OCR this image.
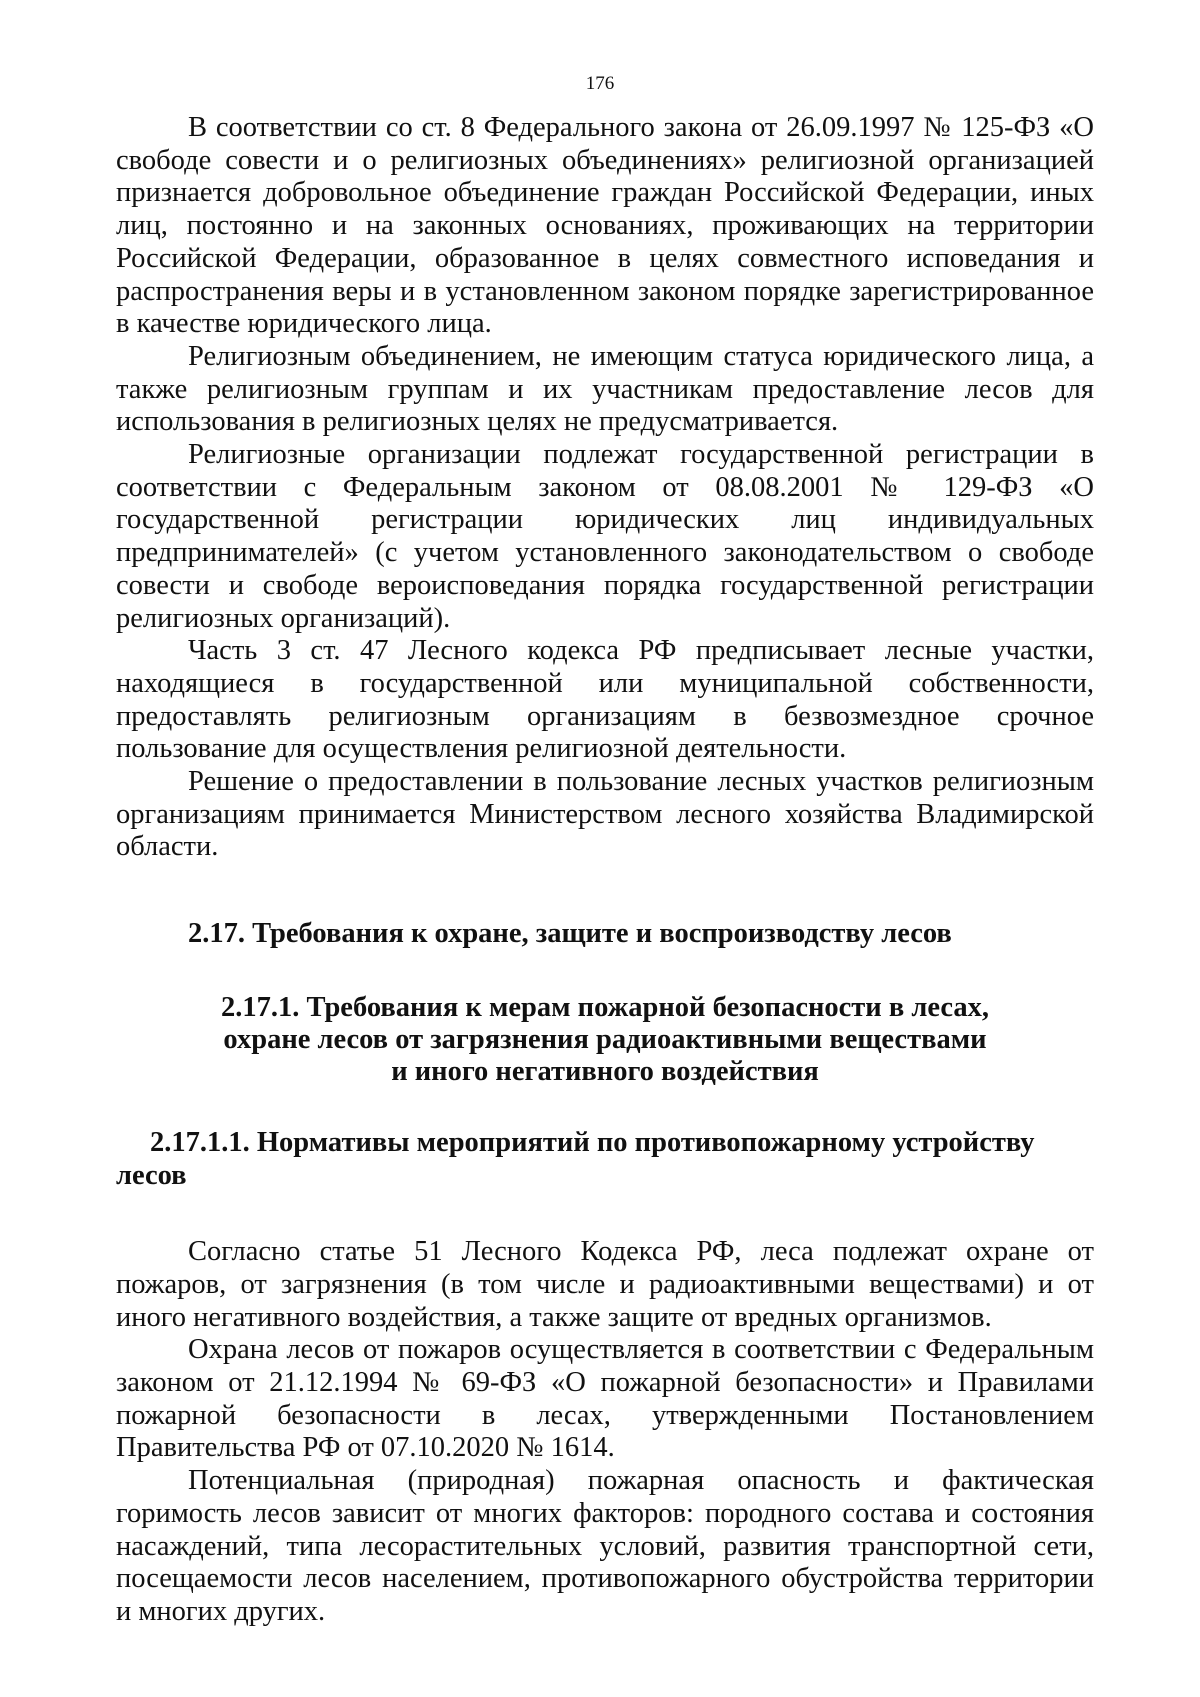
176

В соответствии со ст. 8 Федерального закона от 26.09.1997 № 125-ФЗ «О свободе совести и о религиозных объединениях» религиозной организацией признается добровольное объединение граждан Российской Федерации, иных лиц, постоянно и на законных основаниях, проживающих на территории Российской Федерации, образованное в целях совместного исповедания и распространения веры и в установленном законом порядке зарегистрированное в качестве юридического лица.

Религиозным объединением, не имеющим статуса юридического лица, а также религиозным группам и их участникам предоставление лесов для использования в религиозных целях не предусматривается.

Религиозные организации подлежат государственной регистрации в соответствии с Федеральным законом от 08.08.2001 № 129-ФЗ «О государственной регистрации юридических лиц индивидуальных предпринимателей» (с учетом установленного законодательством о свободе совести и свободе вероисповедания порядка государственной регистрации религиозных организаций).

Часть 3 ст. 47 Лесного кодекса РФ предписывает лесные участки, находящиеся в государственной или муниципальной собственности, предоставлять религиозным организациям в безвозмездное срочное пользование для осуществления религиозной деятельности.

Решение о предоставлении в пользование лесных участков религиозным организациям принимается Министерством лесного хозяйства Владимирской области.

2.17. Требования к охране, защите и воспроизводству лесов
2.17.1. Требования к мерам пожарной безопасности в лесах,
охране лесов от загрязнения радиоактивными веществами
и иного негативного воздействия
2.17.1.1. Нормативы мероприятий по противопожарному устройству лесов

Согласно статье 51 Лесного Кодекса РФ, леса подлежат охране от пожаров, от загрязнения (в том числе и радиоактивными веществами) и от иного негативного воздействия, а также защите от вредных организмов.

Охрана лесов от пожаров осуществляется в соответствии с Федеральным законом от 21.12.1994 № 69-ФЗ «О пожарной безопасности» и Правилами пожарной безопасности в лесах, утвержденными Постановлением Правительства РФ от 07.10.2020 № 1614.

Потенциальная (природная) пожарная опасность и фактическая горимость лесов зависит от многих факторов: породного состава и состояния насаждений, типа лесорастительных условий, развития транспортной сети, посещаемости лесов населением, противопожарного обустройства территории и многих других.
